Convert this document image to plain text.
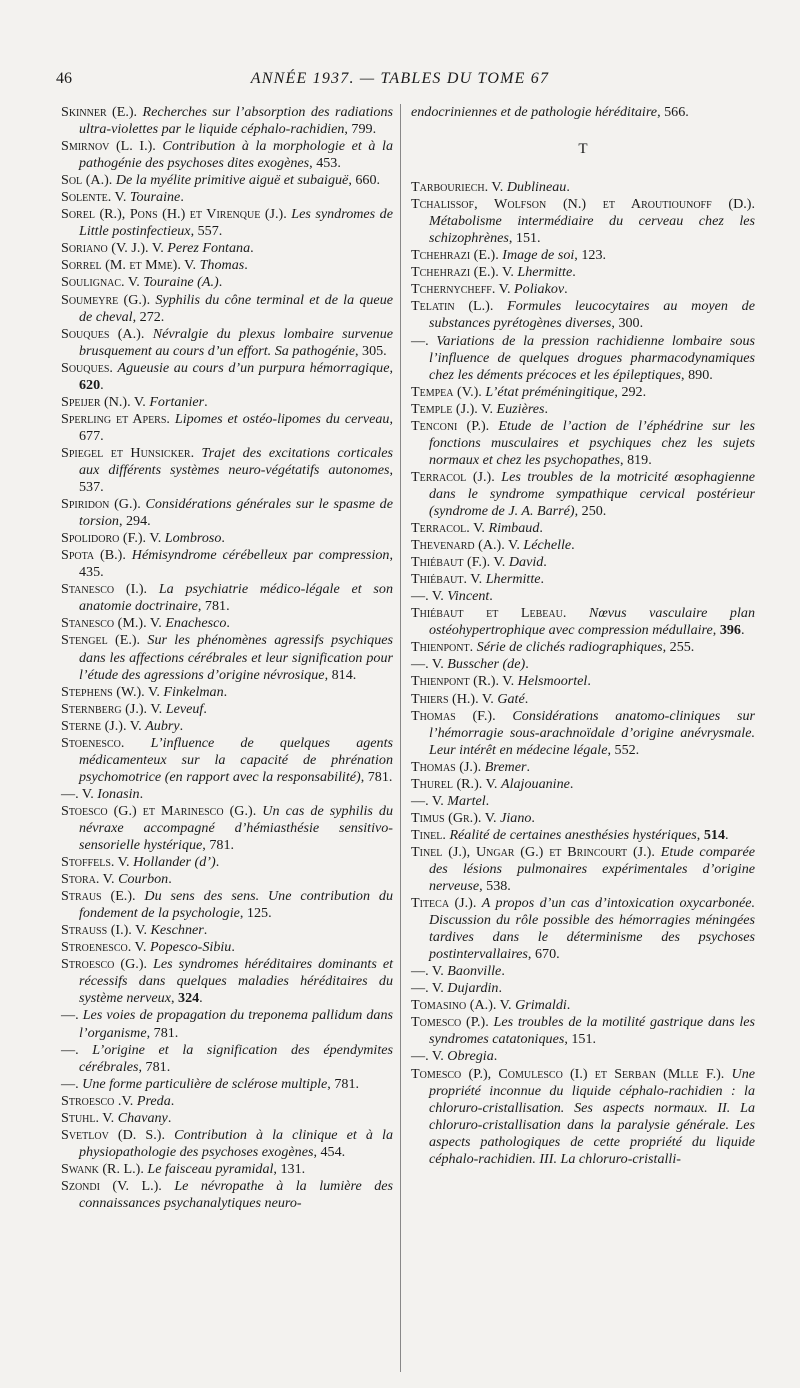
46	ANNÉE 1937. — TABLES DU TOME 67

Skinner (E.). Recherches sur l’absorption des radiations ultra-violettes par le liquide céphalo-rachidien, 799.

Smirnov (L. I.). Contribution à la morphologie et à la pathogénie des psychoses dites exogènes, 453.

Sol (A.). De la myélite primitive aiguë et subaiguë, 660.

Solente. V. Touraine.

Sorel (R.), Pons (H.) et Virenque (J.). Les syndromes de Little postinfectieux, 557.

Soriano (V. J.). V. Perez Fontana.

Sorrel (M. et Mme). V. Thomas.

Soulignac. V. Touraine (A.).

Soumeyre (G.). Syphilis du cône terminal et de la queue de cheval, 272.

Souques (A.). Névralgie du plexus lombaire survenue brusquement au cours d’un effort. Sa pathogénie, 305.

Souques. Agueusie au cours d’un purpura hémorragique, 620.

Speijer (N.). V. Fortanier.

Sperling et Apers. Lipomes et ostéo-lipomes du cerveau, 677.

Spiegel et Hunsicker. Trajet des excitations corticales aux différents systèmes neuro-végétatifs autonomes, 537.

Spiridon (G.). Considérations générales sur le spasme de torsion, 294.

Spolidoro (F.). V. Lombroso.

Spota (B.). Hémisyndrome cérébelleux par compression, 435.

Stanesco (I.). La psychiatrie médico-légale et son anatomie doctrinaire, 781.

Stanesco (M.). V. Enachesco.

Stengel (E.). Sur les phénomènes agressifs psychiques dans les affections cérébrales et leur signification pour l’étude des agressions d’origine névrosique, 814.

Stephens (W.). V. Finkelman.

Sternberg (J.). V. Leveuf.

Sterne (J.). V. Aubry.

Stoenesco. L’influence de quelques agents médicamenteux sur la capacité de phrénation psychomotrice (en rapport avec la responsabilité), 781.

—. V. Ionasin.

Stoesco (G.) et Marinesco (G.). Un cas de syphilis du névraxe accompagné d’hémiasthésie sensitivo-sensorielle hystérique, 781.

Stoffels. V. Hollander (d’).

Stora. V. Courbon.

Straus (E.). Du sens des sens. Une contribution du fondement de la psychologie, 125.

Strauss (I.). V. Keschner.

Stroenesco. V. Popesco-Sibiu.

Stroesco (G.). Les syndromes héréditaires dominants et récessifs dans quelques maladies héréditaires du système nerveux, 324.

—. Les voies de propagation du treponema pallidum dans l’organisme, 781.

—. L’origine et la signification des épendymites cérébrales, 781.

—. Une forme particulière de sclérose multiple, 781.

Stroesco .V. Preda.

Stuhl. V. Chavany.

Svetlov (D. S.). Contribution à la clinique et à la physiopathologie des psychoses exogènes, 454.

Swank (R. L.). Le faisceau pyramidal, 131.

Szondi (V. L.). Le névropathe à la lumière des connaissances psychanalytiques neuro-

endocriniennes et de pathologie héréditaire, 566.

T

Tarbouriech. V. Dublineau.

Tchalissof, Wolfson (N.) et Aroutiounoff (D.). Métabolisme intermédiaire du cerveau chez les schizophrènes, 151.

Tchehrazi (E.). Image de soi, 123.

Tchehrazi (E.). V. Lhermitte.

Tchernycheff. V. Poliakov.

Telatin (L.). Formules leucocytaires au moyen de substances pyrétogènes diverses, 300.

—. Variations de la pression rachidienne lombaire sous l’influence de quelques drogues pharmacodynamiques chez les déments précoces et les épileptiques, 890.

Tempea (V.). L’état préméningitique, 292.

Temple (J.). V. Euzières.

Tenconi (P.). Etude de l’action de l’éphédrine sur les fonctions musculaires et psychiques chez les sujets normaux et chez les psychopathes, 819.

Terracol (J.). Les troubles de la motricité œsophagienne dans le syndrome sympathique cervical postérieur (syndrome de J. A. Barré), 250.

Terracol. V. Rimbaud.

Thevenard (A.). V. Léchelle.

Thiébaut (F.). V. David.

Thiébaut. V. Lhermitte.

—. V. Vincent.

Thiébaut et Lebeau. Nœvus vasculaire plan ostéohypertrophique avec compression médullaire, 396.

Thienpont. Série de clichés radiographiques, 255.

—. V. Busscher (de).

Thienpont (R.). V. Helsmoortel.

Thiers (H.). V. Gaté.

Thomas (F.). Considérations anatomo-cliniques sur l’hémorragie sous-arachnoïdale d’origine anévrysmale. Leur intérêt en médecine légale, 552.

Thomas (J.). Bremer.

Thurel (R.). V. Alajouanine.

—. V. Martel.

Timus (Gr.). V. Jiano.

Tinel. Réalité de certaines anesthésies hystériques, 514.

Tinel (J.), Ungar (G.) et Brincourt (J.). Etude comparée des lésions pulmonaires expérimentales d’origine nerveuse, 538.

Titeca (J.). A propos d’un cas d’intoxication oxycarbonée. Discussion du rôle possible des hémorragies méningées tardives dans le déterminisme des psychoses postintervallaires, 670.

—. V. Baonville.

—. V. Dujardin.

Tomasino (A.). V. Grimaldi.

Tomesco (P.). Les troubles de la motilité gastrique dans les syndromes catatoniques, 151.

—. V. Obregia.

Tomesco (P.), Comulesco (I.) et Serban (Mlle F.). Une propriété inconnue du liquide céphalo-rachidien : la chloruro-cristallisation. Ses aspects normaux. II. La chloruro-cristallisation dans la paralysie générale. Les aspects pathologiques de cette propriété du liquide céphalo-rachidien. III. La chloruro-cristalli-
